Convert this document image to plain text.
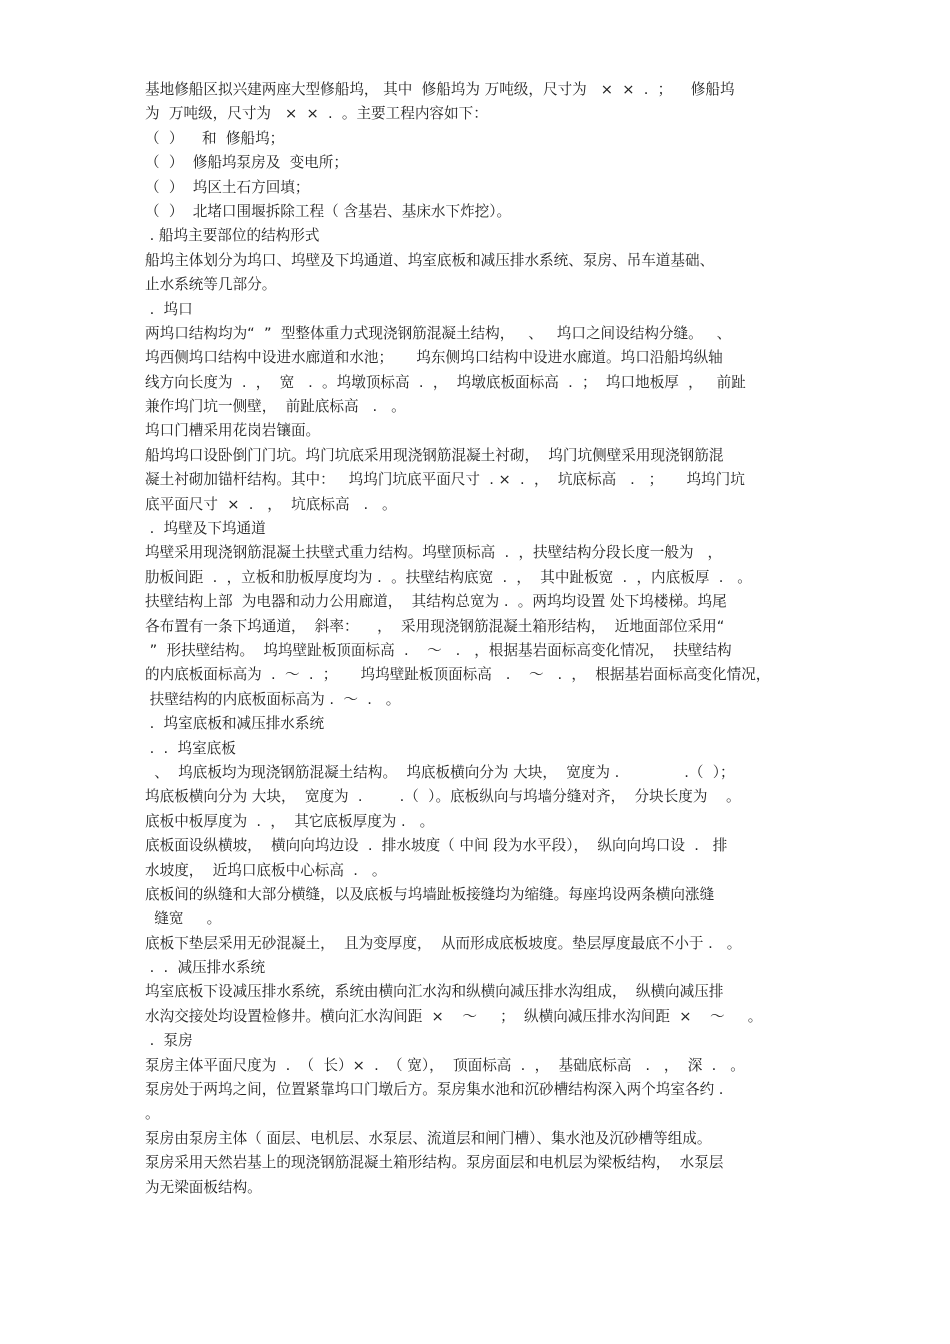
基地修船区拟兴建两座大型修船坞， 其中  修船坞为 万吨级，尺寸为   ×  ×  .  ；    修船坞
为  万吨级，尺寸为   ×  ×  .  。主要工程内容如下：
（  ）    和  修船坞；
（  ）  修船坞泵房及  变电所；
（  ）  坞区土石方回填；
（  ）  北堵口围堰拆除工程（ 含基岩、基床水下炸挖）。
. 船坞主要部位的结构形式
船坞主体划分为坞口、坞壁及下坞通道、坞室底板和减压排水系统、泵房、吊车道基础、
止水系统等几部分。
.  坞口
两坞口结构均为“  ”  型整体重力式现浇钢筋混凝土结构，   、   坞口之间设结构分缝。   、
坞西侧坞口结构中设进水廊道和水池；     坞东侧坞口结构中设进水廊道。坞口沿船坞纵轴
线方向长度为  .  ，  宽   .  。坞墩顶标高  .  ，  坞墩底板面标高  .  ；  坞口地板厚  ，   前趾
兼作坞门坑一侧壁，  前趾底标高   .   。
坞口门槽采用花岗岩镶面。
船坞坞口设卧倒门门坑。坞门坑底采用现浇钢筋混凝土衬砌，  坞门坑侧壁采用现浇钢筋混
凝土衬砌加锚杆结构。其中：   坞坞门坑底平面尺寸  . ×  .  ，  坑底标高   .   ；     坞坞门坑
底平面尺寸  ×  .   ，  坑底标高   .   。
.  坞壁及下坞通道
坞壁采用现浇钢筋混凝土扶壁式重力结构。坞壁顶标高  .  ，扶壁结构分段长度一般为   ，
肋板间距  .  ，立板和肋板厚度均为 .  。扶壁结构底宽  .  ，  其中趾板宽  .  ，内底板厚  .   。
扶壁结构上部  为电器和动力公用廊道，  其结构总宽为 .  。两坞均设置 处下坞楼梯。坞尾
各布置有一条下坞通道，  斜率：    ，  采用现浇钢筋混凝土箱形结构，  近地面部位采用“
”  形扶壁结构。  坞坞壁趾板顶面标高  .    ～   .   ，根据基岩面标高变化情况，  扶壁结构
的内底板面标高为  .  ～  .  ；     坞坞壁趾板顶面标高   .    ～   .  ，  根据基岩面标高变化情况，
扶壁结构的内底板面标高为 .  ～  .   。
.  坞室底板和减压排水系统
.  .  坞室底板
、  坞底板均为现浇钢筋混凝土结构。  坞底板横向分为 大块，  宽度为 .              .（  ）；
坞底板横向分为 大块，  宽度为  .        .（  ）。底板纵向与坞墙分缝对齐，  分块长度为    。
底板中板厚度为  .  ，  其它底板厚度为 .   。
底板面设纵横坡，  横向向坞边设  .  排水坡度（ 中间 段为水平段），  纵向向坞口设  .   排
水坡度，  近坞口底板中心标高  .   。
底板间的纵缝和大部分横缝，以及底板与坞墙趾板接缝均为缩缝。每座坞设两条横向涨缝
缝宽     。
底板下垫层采用无砂混凝土，  且为变厚度，  从而形成底板坡度。垫层厚度最底不小于 .   。
.  .  减压排水系统
坞室底板下设减压排水系统，系统由横向汇水沟和纵横向减压排水沟组成，  纵横向减压排
水沟交接处均设置检修井。横向汇水沟间距  ×    ～     ；  纵横向减压排水沟间距  ×    ～     。
.  泵房
泵房主体平面尺度为  .  （  长）×  .  （ 宽），  顶面标高  .  ，  基础底标高   .   ，  深  .   。
泵房处于两坞之间，位置紧靠坞口门墩后方。泵房集水池和沉砂槽结构深入两个坞室各约 .
。
泵房由泵房主体（ 面层、电机层、水泵层、流道层和闸门槽）、集水池及沉砂槽等组成。
泵房采用天然岩基上的现浇钢筋混凝土箱形结构。泵房面层和电机层为梁板结构，  水泵层
为无梁面板结构。
